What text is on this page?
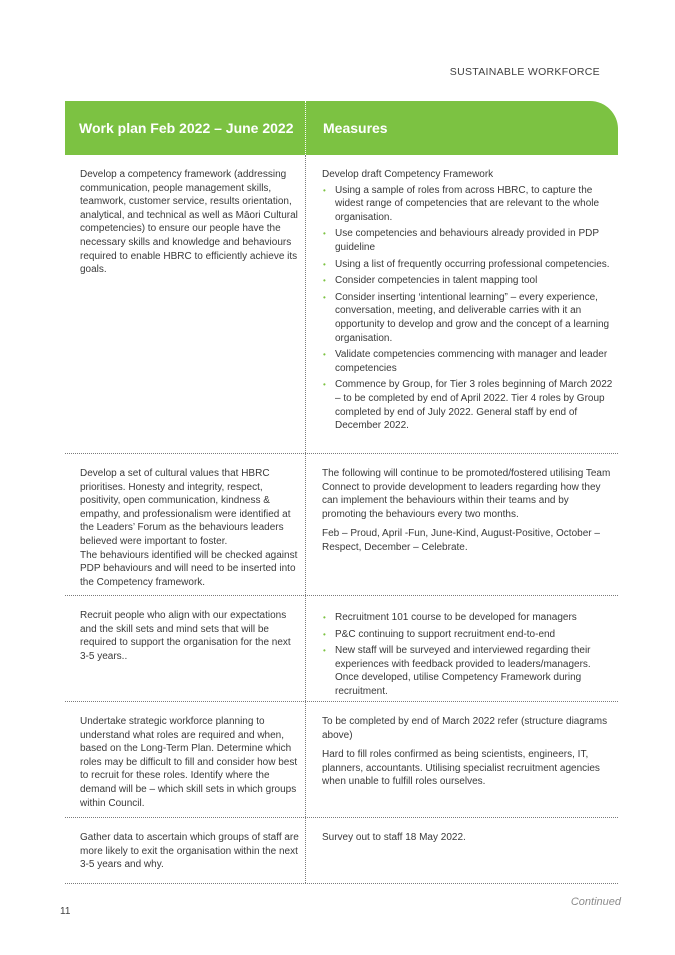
SUSTAINABLE WORKFORCE
Work plan Feb 2022 – June 2022 Measures

Develop a competency framework (addressing communication, people management skills, teamwork, customer service, results orientation, analytical, and technical as well as Māori Cultural competencies) to ensure our people have the necessary skills and knowledge and behaviours required to enable HBRC to efficiently achieve its goals.

Develop draft Competency Framework

• Using a sample of roles from across HBRC, to capture the widest range of competencies that are relevant to the whole organisation.
• Use competencies and behaviours already provided in PDP guideline
• Using a list of frequently occurring professional competencies.
• Consider competencies in talent mapping tool
• Consider inserting ‘intentional learning” – every experience, conversation, meeting, and deliverable carries with it an opportunity to develop and grow and the concept of a learning organisation.
• Validate competencies commencing with manager and leader competencies
• Commence by Group, for Tier 3 roles beginning of March 2022 – to be completed by end of April 2022. Tier 4 roles by Group completed by end of July 2022. General staff by end of December 2022.

Develop a set of cultural values that HBRC prioritises. Honesty and integrity, respect, positivity, open communication, kindness & empathy, and professionalism were identified at the Leaders’ Forum as the behaviours leaders believed were important to foster.
The behaviours identified will be checked against PDP behaviours and will need to be inserted into the Competency framework.

The following will continue to be promoted/fostered utilising Team Connect to provide development to leaders regarding how they can implement the behaviours within their teams and by promoting the behaviours every two months.

Feb – Proud, April -Fun, June-Kind, August-Positive, October – Respect, December – Celebrate.

Recruit people who align with our expectations and the skill sets and mind sets that will be required to support the organisation for the next 3-5 years..

• Recruitment 101 course to be developed for managers
• P&C continuing to support recruitment end-to-end
• New staff will be surveyed and interviewed regarding their experiences with feedback provided to leaders/managers. Once developed, utilise Competency Framework during recruitment.

Undertake strategic workforce planning to understand what roles are required and when, based on the Long-Term Plan. Determine which roles may be difficult to fill and consider how best to recruit for these roles. Identify where the demand will be – which skill sets in which groups within Council.

To be completed by end of March 2022 refer (structure diagrams above)

Hard to fill roles confirmed as being scientists, engineers, IT, planners, accountants. Utilising specialist recruitment agencies when unable to fulfill roles ourselves.

Gather data to ascertain which groups of staff are more likely to exit the organisation within the next 3-5 years and why.

Survey out to staff 18 May 2022.

Continued
11
